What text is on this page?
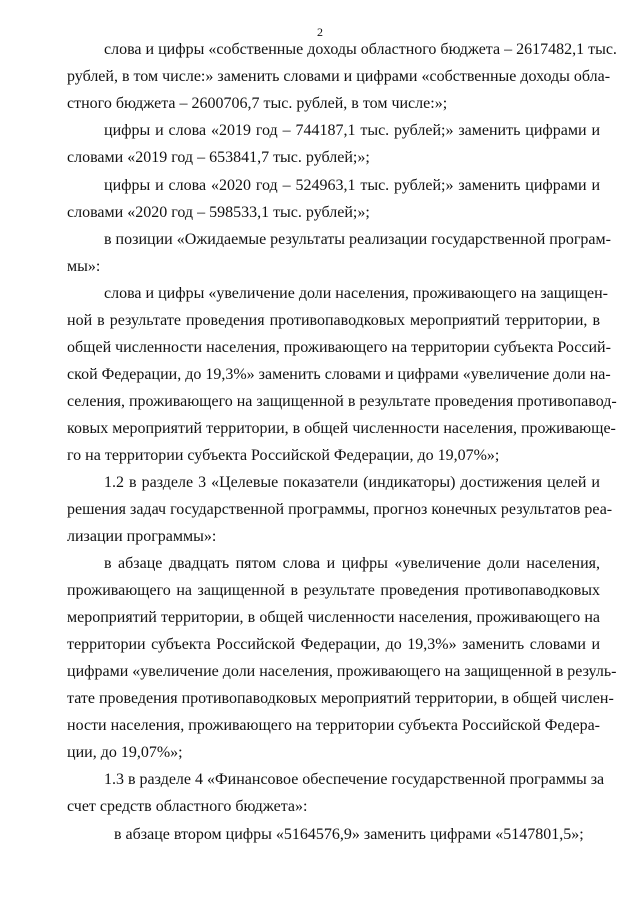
2
слова и цифры «собственные доходы областного бюджета – 2617482,1 тыс.
рублей, в том числе:» заменить словами и цифрами «собственные доходы обла-
стного бюджета – 2600706,7 тыс. рублей, в том числе:»;
цифры и слова «2019 год – 744187,1 тыс. рублей;» заменить цифрами и
словами «2019 год – 653841,7 тыс. рублей;»;
цифры и слова «2020 год – 524963,1 тыс. рублей;» заменить цифрами и
словами «2020 год – 598533,1 тыс. рублей;»;
в позиции «Ожидаемые результаты реализации государственной програм-
мы»:
слова и цифры «увеличение доли населения, проживающего на защищен-
ной в результате проведения противопаводковых мероприятий территории, в
общей численности населения, проживающего на территории субъекта Россий-
ской Федерации, до 19,3%» заменить словами и цифрами «увеличение доли на-
селения, проживающего на защищенной в результате проведения противопавод-
ковых мероприятий территории, в общей численности населения, проживающе-
го на территории субъекта Российской Федерации, до 19,07%»;
1.2 в разделе 3 «Целевые показатели (индикаторы) достижения целей и
решения задач государственной программы, прогноз конечных результатов реа-
лизации программы»:
в абзаце двадцать пятом слова и цифры «увеличение доли населения,
проживающего на защищенной в результате проведения противопаводковых
мероприятий территории, в общей численности населения, проживающего на
территории субъекта Российской Федерации, до 19,3%» заменить словами и
цифрами «увеличение доли населения, проживающего на защищенной в резуль-
тате проведения противопаводковых мероприятий территории, в общей числен-
ности населения, проживающего на территории субъекта Российской Федера-
ции, до 19,07%»;
1.3 в разделе 4 «Финансовое обеспечение государственной программы за
счет средств областного бюджета»:
в абзаце втором цифры «5164576,9» заменить цифрами «5147801,5»;
